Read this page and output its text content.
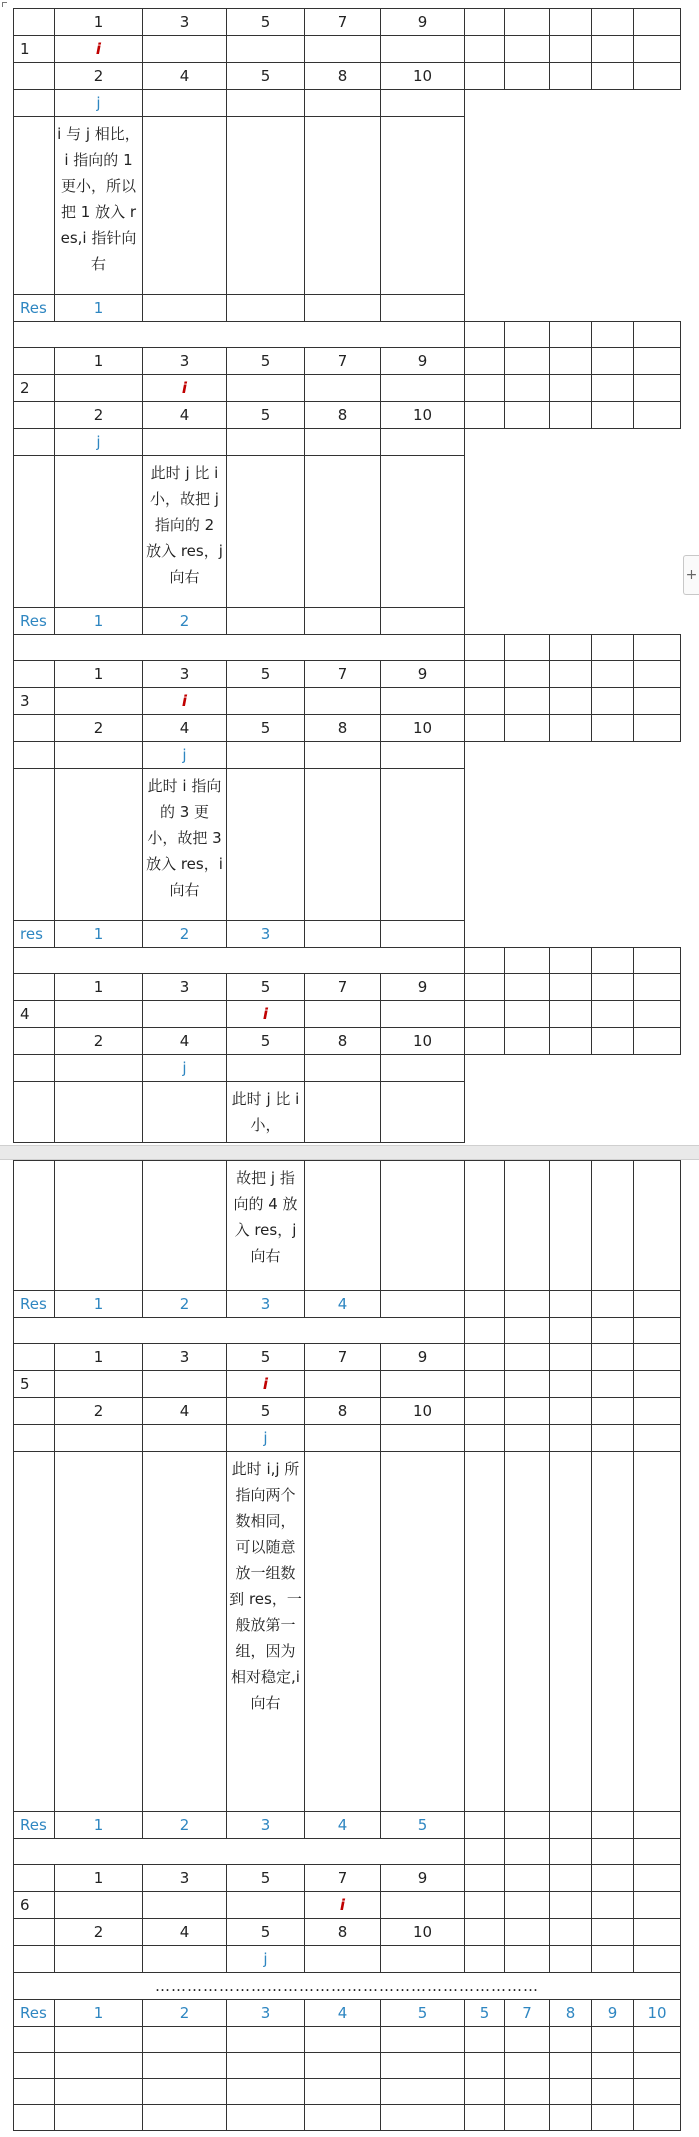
	1	3	5	7	9					
1	i									
	2	4	5	8	10					
	j									
	i 与 j 相比，i 指向的 1 更小，所以把 1 放入 res,i 指针向右									
Res	1									

	1	3	5	7	9					
2		i								
	2	4	5	8	10					
	j									
		此时 j 比 i 小，故把 j 指向的 2 放入 res，j 向右								
Res	1	2								

	1	3	5	7	9					
3		i								
	2	4	5	8	10					
		j								
		此时 i 指向的 3 更小，故把 3 放入 res，i 向右								
res	1	2	3							

	1	3	5	7	9					
4			i							
	2	4	5	8	10					
		j								
			此时 j 比 i 小，							
+
			故把 j 指向的 4 放入 res，j 向右							
Res	1	2	3	4						

	1	3	5	7	9					
5			i							
	2	4	5	8	10					
			j							
			此时 i,j 所指向两个数相同，可以随意放一组数到 res，一般放第一组，因为相对稳定,i 向右							
Res	1	2	3	4	5					

	1	3	5	7	9					
6				i						
	2	4	5	8	10					
			j							
………………………………………………………………										
Res	1	2	3	4	5	5	7	8	9	10
